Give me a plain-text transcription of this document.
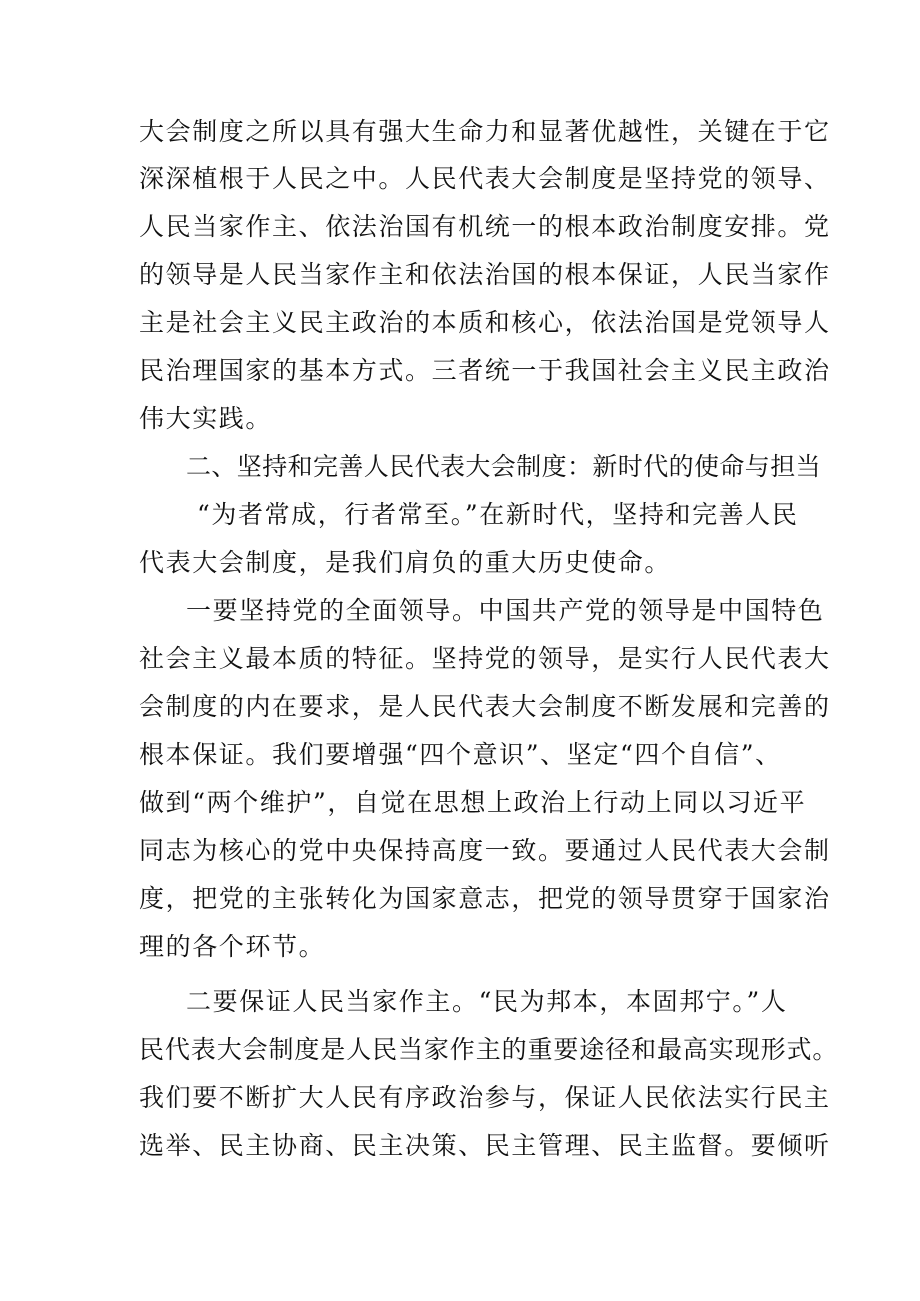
大会制度之所以具有强大生命力和显著优越性，关键在于它
深深植根于人民之中。人民代表大会制度是坚持党的领导、
人民当家作主、依法治国有机统一的根本政治制度安排。党
的领导是人民当家作主和依法治国的根本保证，人民当家作
主是社会主义民主政治的本质和核心，依法治国是党领导人
民治理国家的基本方式。三者统一于我国社会主义民主政治
伟大实践。
二、坚持和完善人民代表大会制度：新时代的使命与担当
“为者常成，行者常至。”在新时代，坚持和完善人民
代表大会制度，是我们肩负的重大历史使命。
一要坚持党的全面领导。中国共产党的领导是中国特色
社会主义最本质的特征。坚持党的领导，是实行人民代表大
会制度的内在要求，是人民代表大会制度不断发展和完善的
根本保证。我们要增强“四个意识”、坚定“四个自信”、
做到“两个维护”，自觉在思想上政治上行动上同以习近平
同志为核心的党中央保持高度一致。要通过人民代表大会制
度，把党的主张转化为国家意志，把党的领导贯穿于国家治
理的各个环节。
二要保证人民当家作主。“民为邦本，本固邦宁。”人
民代表大会制度是人民当家作主的重要途径和最高实现形式。
我们要不断扩大人民有序政治参与，保证人民依法实行民主
选举、民主协商、民主决策、民主管理、民主监督。要倾听
